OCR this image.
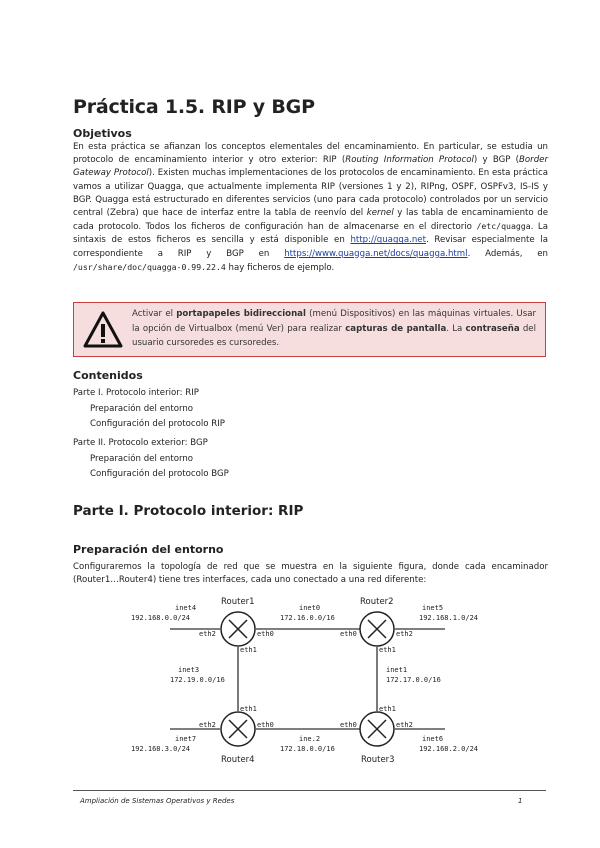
Práctica 1.5. RIP y BGP
Objetivos

En esta práctica se afianzan los conceptos elementales del encaminamiento. En particular, se estudia un protocolo de encaminamiento interior y otro exterior: RIP (Routing Information Protocol) y BGP (Border Gateway Protocol). Existen muchas implementaciones de los protocolos de encaminamiento. En esta práctica vamos a utilizar Quagga, que actualmente implementa RIP (versiones 1 y 2), RIPng, OSPF, OSPFv3, IS-IS y BGP. Quagga está estructurado en diferentes servicios (uno para cada protocolo) controlados por un servicio central (Zebra) que hace de interfaz entre la tabla de reenvío del kernel y las tabla de encaminamiento de cada protocolo. Todos los ficheros de configuración han de almacenarse en el directorio /etc/quagga. La sintaxis de estos ficheros es sencilla y está disponible en http://quagga.net. Revisar especialmente la correspondiente a RIP y BGP en https://www.quagga.net/docs/quagga.html. Además, en /usr/share/doc/quagga-0.99.22.4 hay ficheros de ejemplo.

Activar el portapapeles bidireccional (menú Dispositivos) en las máquinas virtuales. Usar la opción de Virtualbox (menú Ver) para realizar capturas de pantalla. La contraseña del usuario cursoredes es cursoredes.

Contenidos
Parte I. Protocolo interior: RIP
Preparación del entorno
Configuración del protocolo RIP
Parte II. Protocolo exterior: BGP
Preparación del entorno
Configuración del protocolo BGP
Parte I. Protocolo interior: RIP
Preparación del entorno

Configuraremos la topología de red que se muestra en la siguiente figura, donde cada encaminador (Router1…Router4) tiene tres interfaces, cada uno conectado a una red diferente:

Router1	Router2
Router3
Router4
inet4
192.168.0.0/24
inet0
172.16.0.0/16
inet5
192.168.1.0/24
inet3
172.19.0.0/16
inet1
172.17.0.0/16
inet7
192.168.3.0/24
ine.2
172.18.0.0/16
inet6
192.168.2.0/24
eth2	eth0
eth1
eth0	eth2
eth1
eth1
eth2	eth0
eth1
eth0	eth2
Ampliación de Sistemas Operativos y Redes	1
